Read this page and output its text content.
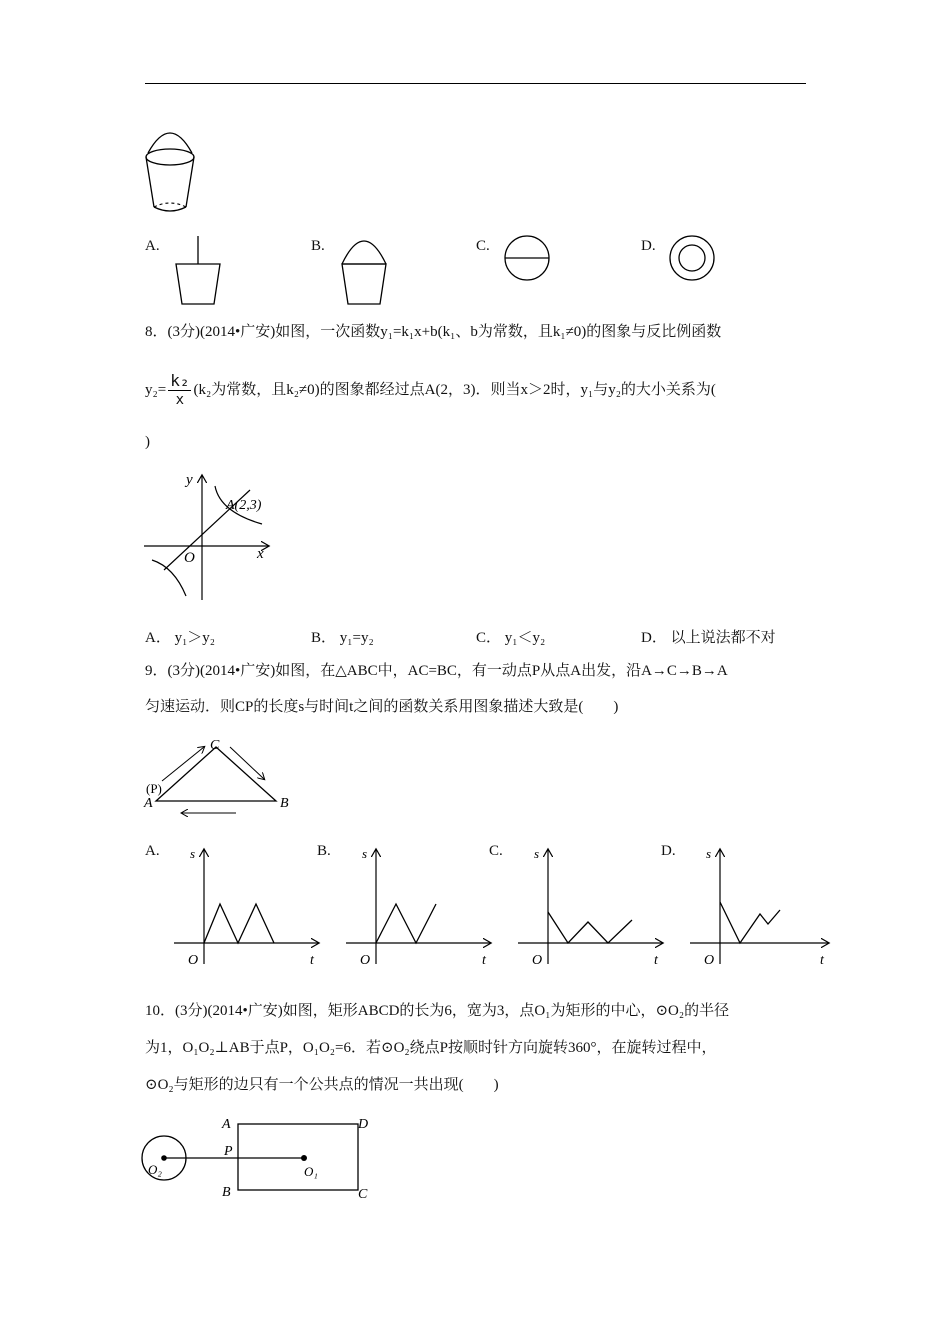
A.	B.	C.	D.
8．(3分)(2014•广安)如图，一次函数y₁=k₁x+b(k₁、b为常数，且k₁≠0)的图象与反比例函数
$y_2= \frac{\text{k₂}}{x} (k_2$为常数，且k₂≠0)的图象都经过点A(2，3)．则当x＞2时，y₁与y₂的大小关系为(
)
y
x
O
A(2,3)
A． y₁＞y₂	B． y₁=y₂	C． y₁＜y₂	D． 以上说法都不对
9．(3分)(2014•广安)如图，在△ABC中，AC=BC，有一动点P从点A出发，沿A→C→B→A
匀速运动．则CP的长度s与时间t之间的函数关系用图象描述大致是(　　)
A	B
C
(P)
A.	B.	C.	D.
s
t
O
s
t
O
s
t
O
s
t
O
10．(3分)(2014•广安)如图，矩形ABCD的长为6，宽为3，点O₁为矩形的中心，⊙O₂的半径
为1，O₁O₂⊥AB于点P，O₁O₂=6．若⊙O₂绕点P按顺时针方向旋转360°，在旋转过程中，
⊙O₂与矩形的边只有一个公共点的情况一共出现(　　)
A
B	C
D
P
O₁
O₂
